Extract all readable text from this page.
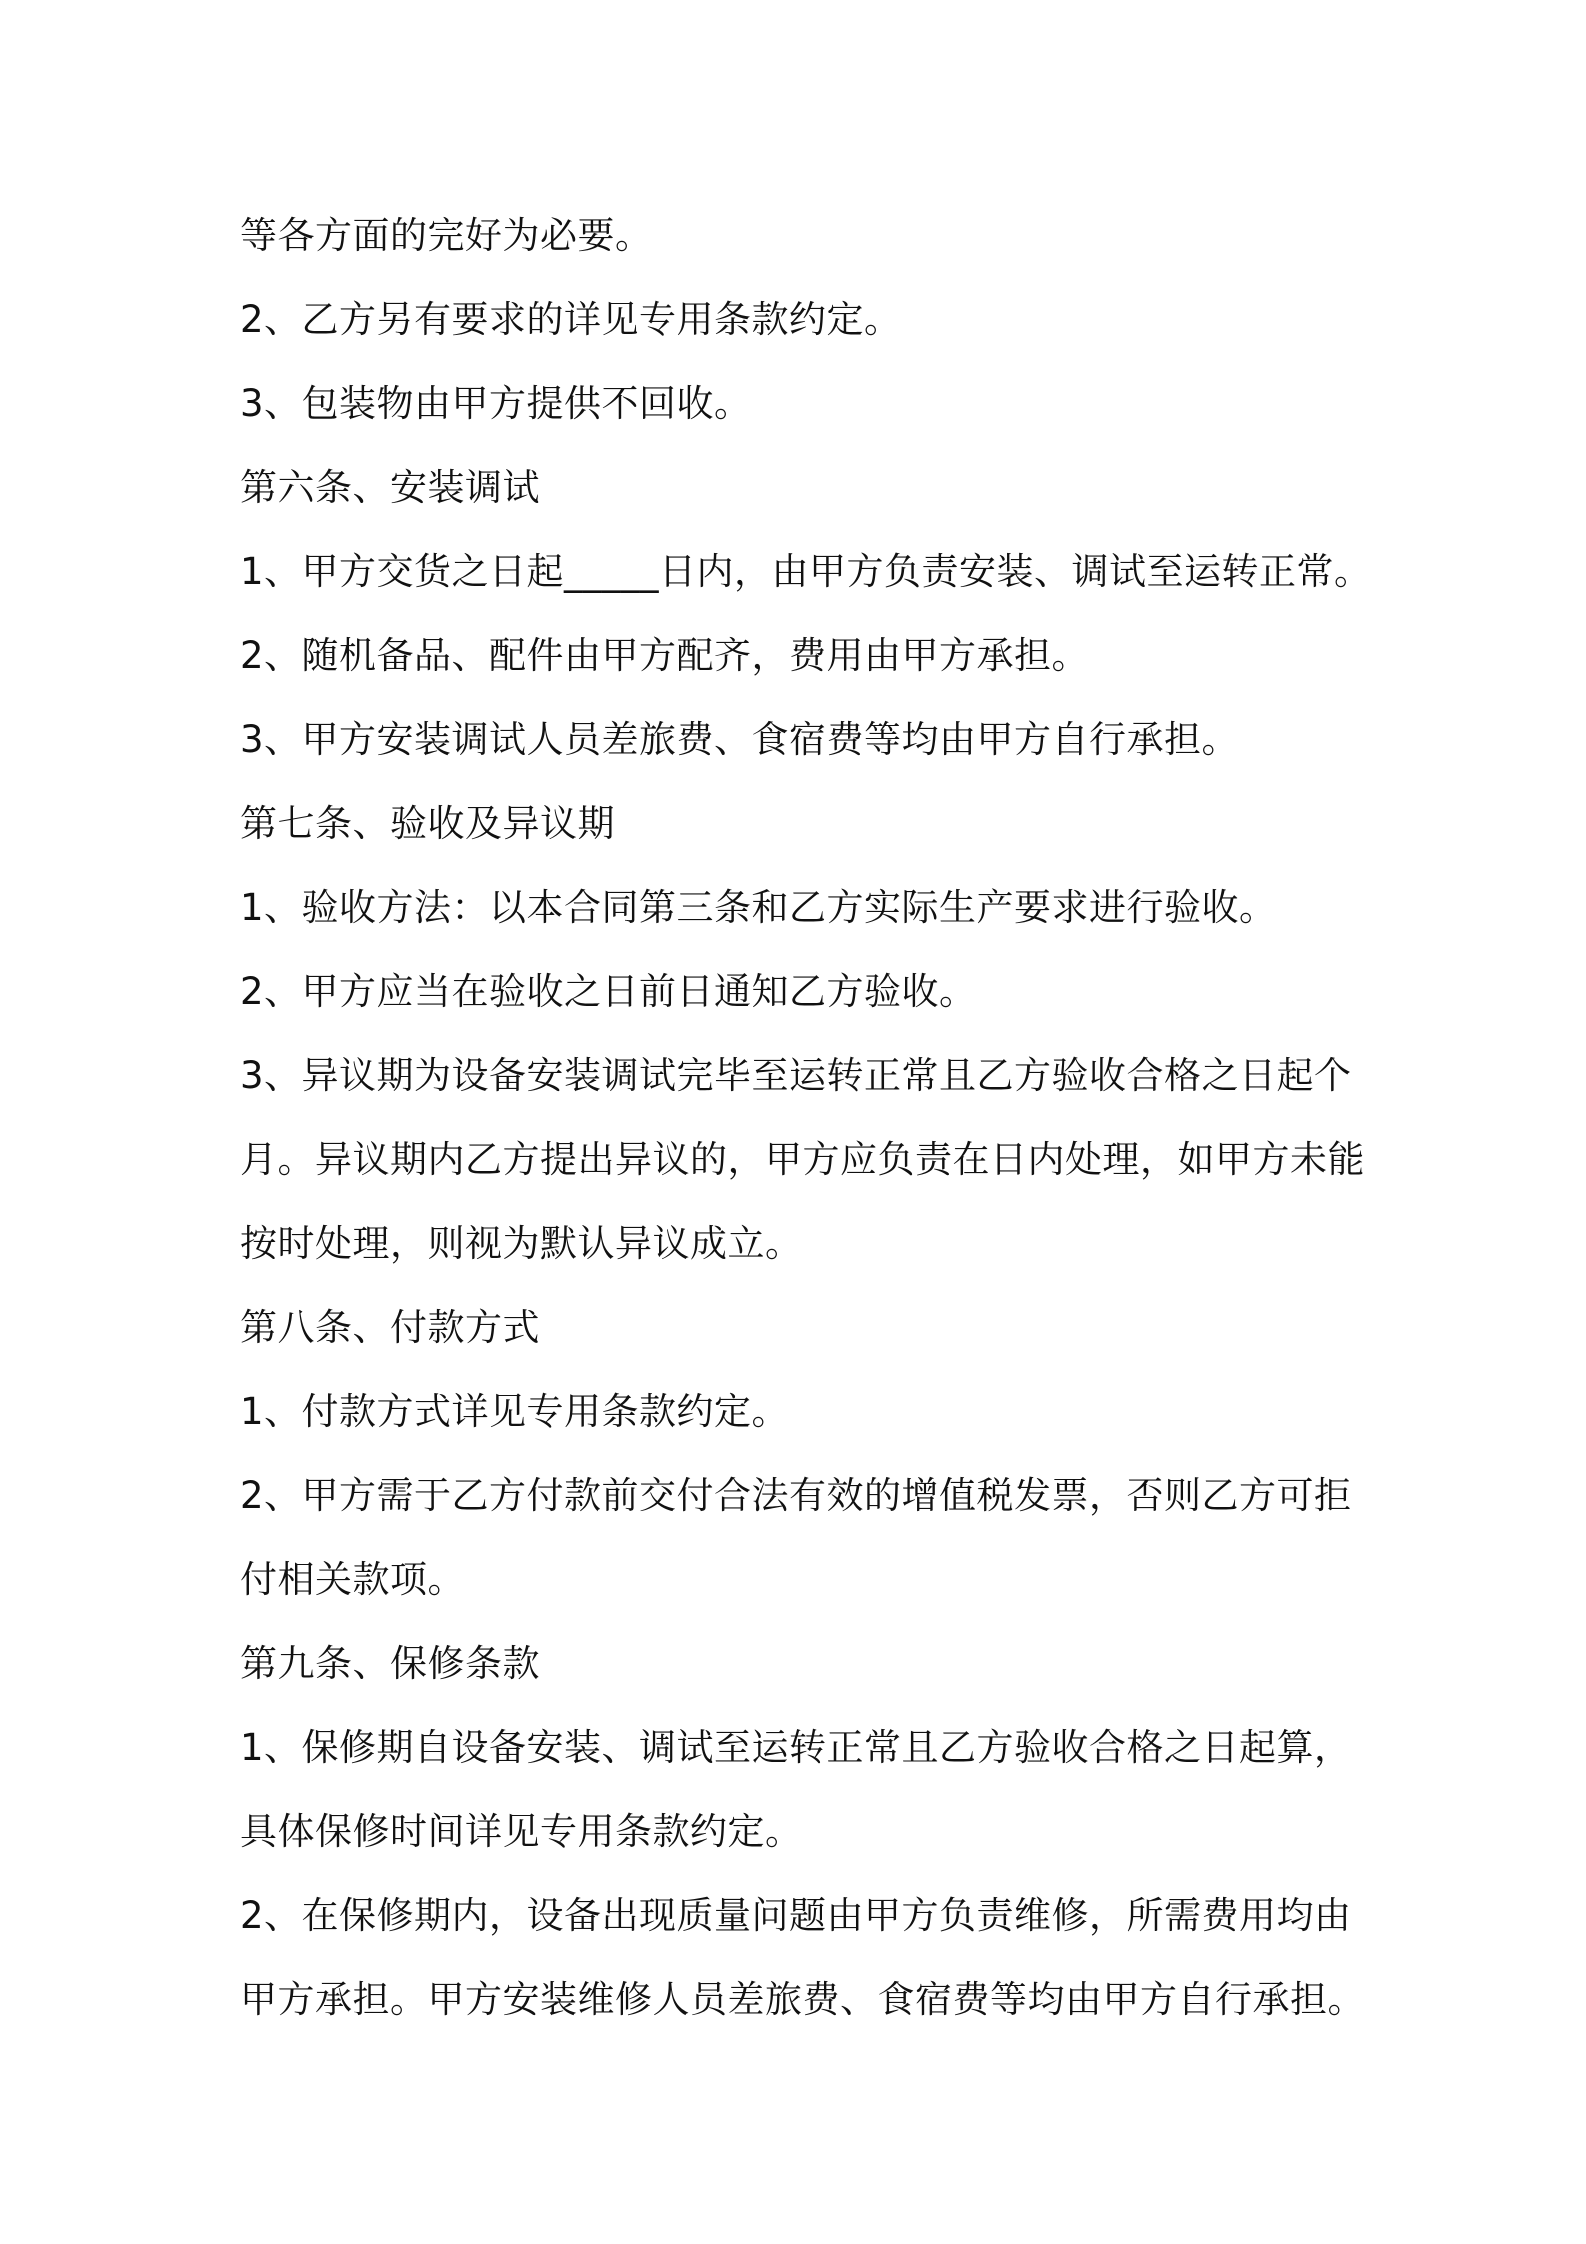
等各方面的完好为必要。
2、乙方另有要求的详见专用条款约定。
3、包装物由甲方提供不回收。
第六条、安装调试
1、甲方交货之日起_____日内，由甲方负责安装、调试至运转正常。
2、随机备品、配件由甲方配齐，费用由甲方承担。
3、甲方安装调试人员差旅费、食宿费等均由甲方自行承担。
第七条、验收及异议期
1、验收方法：以本合同第三条和乙方实际生产要求进行验收。
2、甲方应当在验收之日前日通知乙方验收。
3、异议期为设备安装调试完毕至运转正常且乙方验收合格之日起个
月。异议期内乙方提出异议的，甲方应负责在日内处理，如甲方未能
按时处理，则视为默认异议成立。
第八条、付款方式
1、付款方式详见专用条款约定。
2、甲方需于乙方付款前交付合法有效的增值税发票，否则乙方可拒
付相关款项。
第九条、保修条款
1、保修期自设备安装、调试至运转正常且乙方验收合格之日起算，
具体保修时间详见专用条款约定。
2、在保修期内，设备出现质量问题由甲方负责维修，所需费用均由
甲方承担。甲方安装维修人员差旅费、食宿费等均由甲方自行承担。
